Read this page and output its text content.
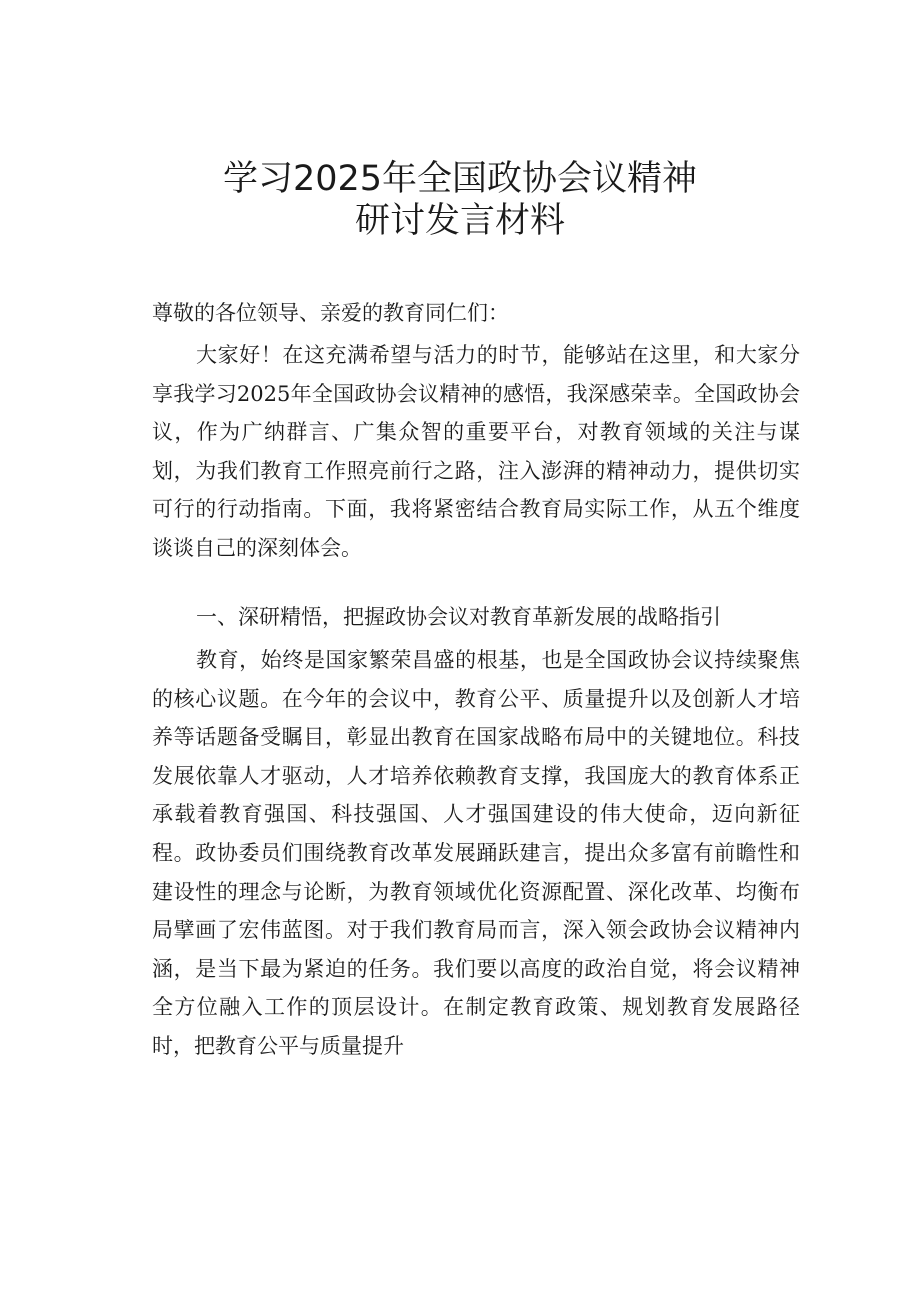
学习2025年全国政协会议精神
研讨发言材料
尊敬的各位领导、亲爱的教育同仁们：
大家好！在这充满希望与活力的时节，能够站在这里，和大家分享我学习2025年全国政协会议精神的感悟，我深感荣幸。全国政协会议，作为广纳群言、广集众智的重要平台，对教育领域的关注与谋划，为我们教育工作照亮前行之路，注入澎湃的精神动力，提供切实可行的行动指南。下面，我将紧密结合教育局实际工作，从五个维度谈谈自己的深刻体会。
一、深研精悟，把握政协会议对教育革新发展的战略指引
教育，始终是国家繁荣昌盛的根基，也是全国政协会议持续聚焦的核心议题。在今年的会议中，教育公平、质量提升以及创新人才培养等话题备受瞩目，彰显出教育在国家战略布局中的关键地位。科技发展依靠人才驱动，人才培养依赖教育支撑，我国庞大的教育体系正承载着教育强国、科技强国、人才强国建设的伟大使命，迈向新征程。政协委员们围绕教育改革发展踊跃建言，提出众多富有前瞻性和建设性的理念与论断，为教育领域优化资源配置、深化改革、均衡布局擘画了宏伟蓝图。对于我们教育局而言，深入领会政协会议精神内涵，是当下最为紧迫的任务。我们要以高度的政治自觉，将会议精神全方位融入工作的顶层设计。在制定教育政策、规划教育发展路径时，把教育公平与质量提升
